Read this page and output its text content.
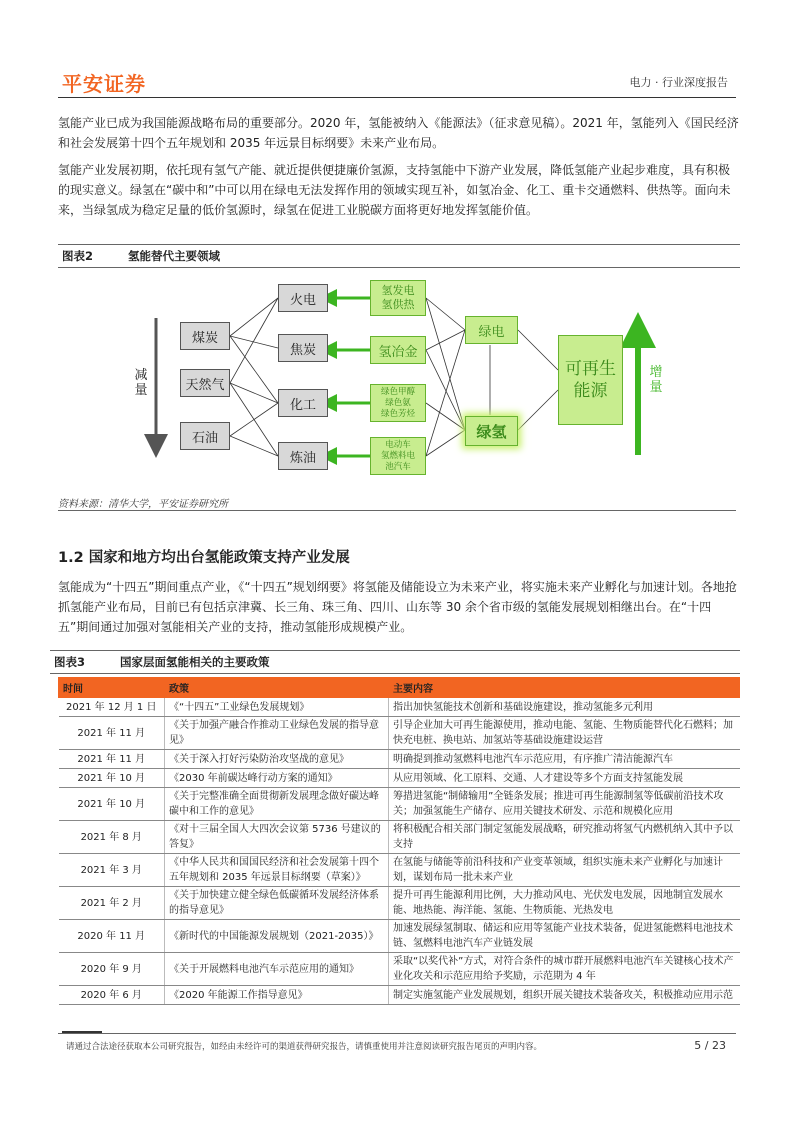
平安证券	电力 · 行业深度报告

氢能产业已成为我国能源战略布局的重要部分。2020 年，氢能被纳入《能源法》（征求意见稿）。2021 年，氢能列入《国民经济和社会发展第十四个五年规划和 2035 年远景目标纲要》未来产业布局。

氢能产业发展初期，依托现有氢气产能、就近提供便捷廉价氢源，支持氢能中下游产业发展，降低氢能产业起步难度，具有积极的现实意义。绿氢在“碳中和”中可以用在绿电无法发挥作用的领域实现互补，如氢冶金、化工、重卡交通燃料、供热等。面向未来，当绿氢成为稳定足量的低价氢源时，绿氢在促进工业脱碳方面将更好地发挥氢能价值。

图表2	氢能替代主要领域
减量
增量
煤炭
天然气
石油
火电
焦炭
化工
炼油
氢发电
氢供热
氢冶金
绿色甲醇
绿色氨
绿色芳烃
电动车
氢燃料电
池汽车
绿电
绿氢
可再生
能源
资料来源：清华大学，平安证券研究所
1.2 国家和地方均出台氢能政策支持产业发展

氢能成为“十四五”期间重点产业，《“十四五”规划纲要》将氢能及储能设立为未来产业，将实施未来产业孵化与加速计划。各地抢抓氢能产业布局，目前已有包括京津冀、长三角、珠三角、四川、山东等 30 余个省市级的氢能发展规划相继出台。在“十四五”期间通过加强对氢能相关产业的支持，推动氢能形成规模产业。

图表3	国家层面氢能相关的主要政策
时间	政策	主要内容
2021 年 12 月 1 日	《“十四五”工业绿色发展规划》	指出加快氢能技术创新和基础设施建设，推动氢能多元利用
2021 年 11 月	《关于加强产融合作推动工业绿色发展的指导意见》	引导企业加大可再生能源使用，推动电能、氢能、生物质能替代化石燃料；加快充电桩、换电站、加氢站等基础设施建设运营
2021 年 11 月	《关于深入打好污染防治攻坚战的意见》	明确提到推动氢燃料电池汽车示范应用，有序推广清洁能源汽车
2021 年 10 月	《2030 年前碳达峰行动方案的通知》	从应用领域、化工原料、交通、人才建设等多个方面支持氢能发展
2021 年 10 月	《关于完整准确全面贯彻新发展理念做好碳达峰碳中和工作的意见》	筹措进氢能“制储输用”全链条发展；推进可再生能源制氢等低碳前沿技术攻关；加强氢能生产储存、应用关键技术研发、示范和规模化应用
2021 年 8 月	《对十三届全国人大四次会议第 5736 号建议的答复》	将积极配合相关部门制定氢能发展战略，研究推动将氢气内燃机纳入其中予以支持
2021 年 3 月	《中华人民共和国国民经济和社会发展第十四个五年规划和 2035 年远景目标纲要（草案）》	在氢能与储能等前沿科技和产业变革领域，组织实施未来产业孵化与加速计划，谋划布局一批未来产业
2021 年 2 月	《关于加快建立健全绿色低碳循环发展经济体系的指导意见》	提升可再生能源利用比例，大力推动风电、光伏发电发展，因地制宜发展水能、地热能、海洋能、氢能、生物质能、光热发电
2020 年 11 月	《新时代的中国能源发展规划（2021-2035）》	加速发展绿氢制取、储运和应用等氢能产业技术装备，促进氢能燃料电池技术链、氢燃料电池汽车产业链发展
2020 年 9 月	《关于开展燃料电池汽车示范应用的通知》	采取“以奖代补”方式，对符合条件的城市群开展燃料电池汽车关键核心技术产业化攻关和示范应用给予奖励，示范期为 4 年
2020 年 6 月	《2020 年能源工作指导意见》	制定实施氢能产业发展规划，组织开展关键技术装备攻关，积极推动应用示范
请通过合法途径获取本公司研究报告，如经由未经许可的渠道获得研究报告，请慎重使用并注意阅读研究报告尾页的声明内容。	5 / 23
